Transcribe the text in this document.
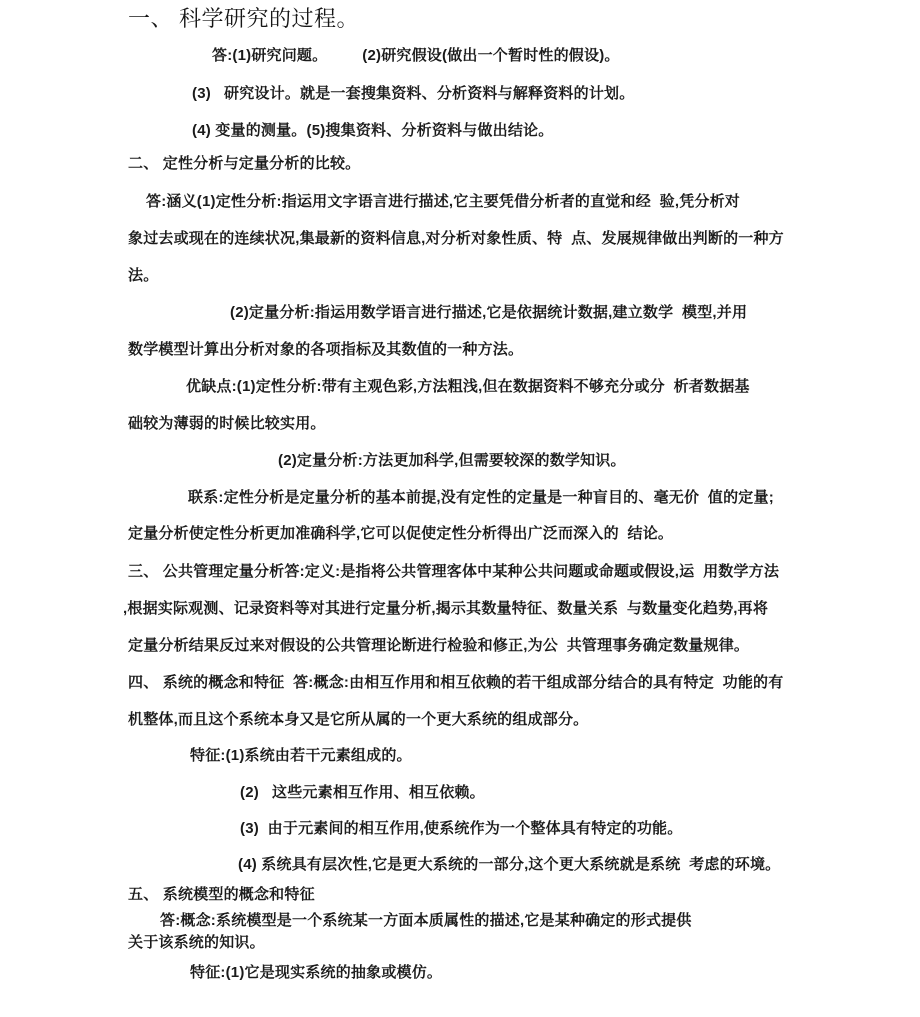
一、 科学研究的过程。
答:(1)研究问题。        (2)研究假设(做出一个暂时性的假设)。
(3)   研究设计。就是一套搜集资料、分析资料与解释资料的计划。
(4) 变量的测量。(5)搜集资料、分析资料与做出结论。
二、 定性分析与定量分析的比较。
答:涵义(1)定性分析:指运用文字语言进行描述,它主要凭借分析者的直觉和经  验,凭分析对
象过去或现在的连续状况,集最新的资料信息,对分析对象性质、特  点、发展规律做出判断的一种方
法。
(2)定量分析:指运用数学语言进行描述,它是依据统计数据,建立数学  模型,并用
数学模型计算出分析对象的各项指标及其数值的一种方法。
优缺点:(1)定性分析:带有主观色彩,方法粗浅,但在数据资料不够充分或分  析者数据基
础较为薄弱的时候比较实用。
(2)定量分析:方法更加科学,但需要较深的数学知识。
联系:定性分析是定量分析的基本前提,没有定性的定量是一种盲目的、毫无价  值的定量;
定量分析使定性分析更加准确科学,它可以促使定性分析得出广泛而深入的  结论。
三、 公共管理定量分析答:定义:是指将公共管理客体中某种公共问题或命题或假设,运  用数学方法
,根据实际观测、记录资料等对其进行定量分析,揭示其数量特征、数量关系  与数量变化趋势,再将
定量分析结果反过来对假设的公共管理论断进行检验和修正,为公  共管理事务确定数量规律。
四、 系统的概念和特征  答:概念:由相互作用和相互依赖的若干组成部分结合的具有特定  功能的有
机整体,而且这个系统本身又是它所从属的一个更大系统的组成部分。
特征:(1)系统由若干元素组成的。
(2)   这些元素相互作用、相互依赖。
(3)  由于元素间的相互作用,使系统作为一个整体具有特定的功能。
(4) 系统具有层次性,它是更大系统的一部分,这个更大系统就是系统  考虑的环境。
五、 系统模型的概念和特征
答:概念:系统模型是一个系统某一方面本质属性的描述,它是某种确定的形式提供
关于该系统的知识。
特征:(1)它是现实系统的抽象或模仿。
